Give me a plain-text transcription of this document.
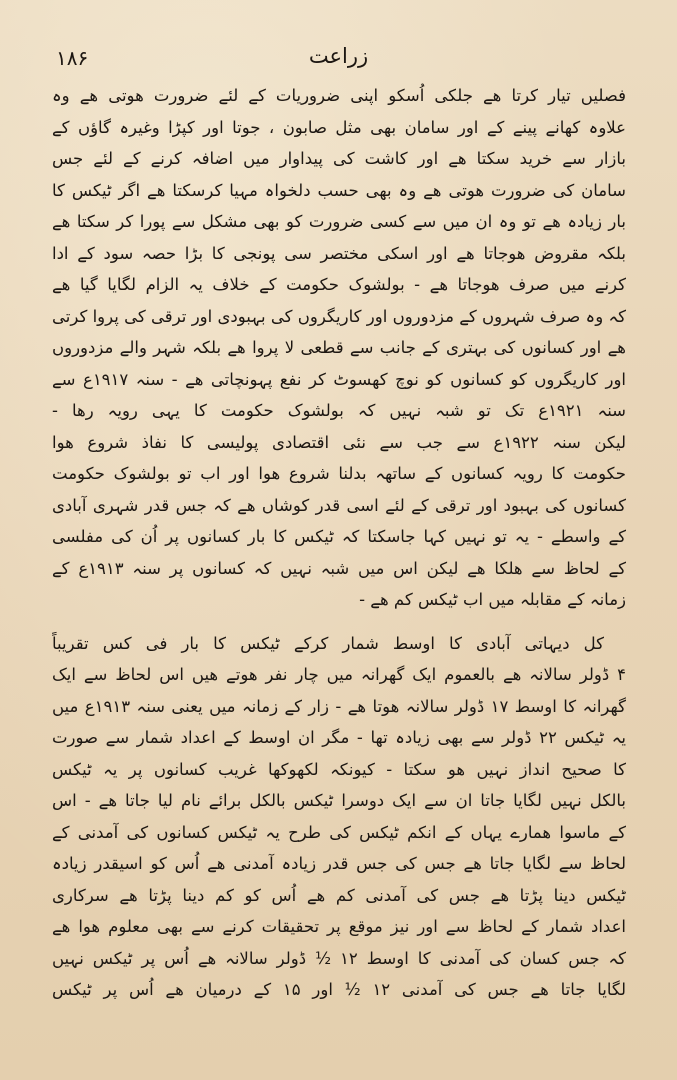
۱۸۶	زراعت
فصلیں تیار کرتا ھے جلکی اُسکو اپنی ضروریات کے لئے ضرورت ھوتی ھے وہ
علاوہ کھانے پینے کے اور سامان بھی مثل صابون ، جوتا اور کپڑا وغیرہ گاؤں کے
بازار سے خرید سکتا ھے اور کاشت کی پیداوار میں اضافہ کرنے کے لئے جس
سامان کی ضرورت ھوتی ھے وہ بھی حسب دلخواہ مہیا کرسکتا ھے اگر ٹیکس کا
بار زیادہ ھے تو وہ ان میں سے کسی ضرورت کو بھی مشکل سے پورا کر سکتا ھے
بلکہ مقروض ھوجاتا ھے اور اسکی مختصر سی پونجی کا بڑا حصہ سود کے ادا
کرنے میں صرف ھوجاتا ھے - بولشوک حکومت کے خلاف یہ الزام لگایا گیا ھے
کہ وہ صرف شہروں کے مزدوروں اور کاریگروں کی بہبودی اور ترقی کی پروا کرتی
ھے اور کسانوں کی بہتری کے جانب سے قطعی لا پروا ھے بلکہ شہر والے مزدوروں
اور کاریگروں کو کسانوں کو نوچ کھسوٹ کر نفع پہونچاتی ھے - سنہ ۱۹۱۷ع سے
سنہ ۱۹۲۱ع تک تو شبہ نہیں کہ بولشوک حکومت کا یہی رویہ رھا -
لیکن سنہ ۱۹۲۲ع سے جب سے نئی اقتصادی پولیسی کا نفاذ شروع ھوا
حکومت کا رویہ کسانوں کے ساتھہ بدلنا شروع ھوا اور اب تو بولشوک حکومت
کسانوں کی بہبود اور ترقی کے لئے اسی قدر کوشاں ھے کہ جس قدر شہری آبادی
کے واسطے - یہ تو نہیں کہا جاسکتا کہ ٹیکس کا بار کسانوں پر اُن کی مفلسی
کے لحاظ سے ھلکا ھے لیکن اس میں شبہ نہیں کہ کسانوں پر سنہ ۱۹۱۳ع کے
زمانہ کے مقابلہ میں اب ٹیکس کم ھے -
کل دیہاتی آبادی کا اوسط شمار کرکے ٹیکس کا بار فی کس تقریباً
۴ ڈولر سالانہ ھے بالعموم ایک گھرانہ میں چار نفر ھوتے ھیں اس لحاظ سے ایک
گھرانہ کا اوسط ۱۷ ڈولر سالانہ ھوتا ھے - زار کے زمانہ میں یعنی سنہ ۱۹۱۳ع میں
یہ ٹیکس ۲۲ ڈولر سے بھی زیادہ تھا - مگر ان اوسط کے اعداد شمار سے صورت
کا صحیح انداز نہیں ھو سکتا - کیونکہ لکھوکھا غریب کسانوں پر یہ ٹیکس
بالکل نہیں لگایا جاتا ان سے ایک دوسرا ٹیکس بالکل برائے نام لیا جاتا ھے - اس
کے ماسوا ھمارے یہاں کے انکم ٹیکس کی طرح یہ ٹیکس کسانوں کی آمدنی کے
لحاظ سے لگایا جاتا ھے جس کی جس قدر زیادہ آمدنی ھے اُس کو اسیقدر زیادہ
ٹیکس دینا پڑتا ھے جس کی آمدنی کم ھے اُس کو کم دینا پڑتا ھے سرکاری
اعداد شمار کے لحاظ سے اور نیز موقع پر تحقیقات کرنے سے بھی معلوم ھوا ھے
کہ جس کسان کی آمدنی کا اوسط ۱۲ ½ ڈولر سالانہ ھے اُس پر ٹیکس نہیں
لگایا جاتا ھے جس کی آمدنی ۱۲ ½ اور ۱۵ کے درمیان ھے اُس پر ٹیکس
